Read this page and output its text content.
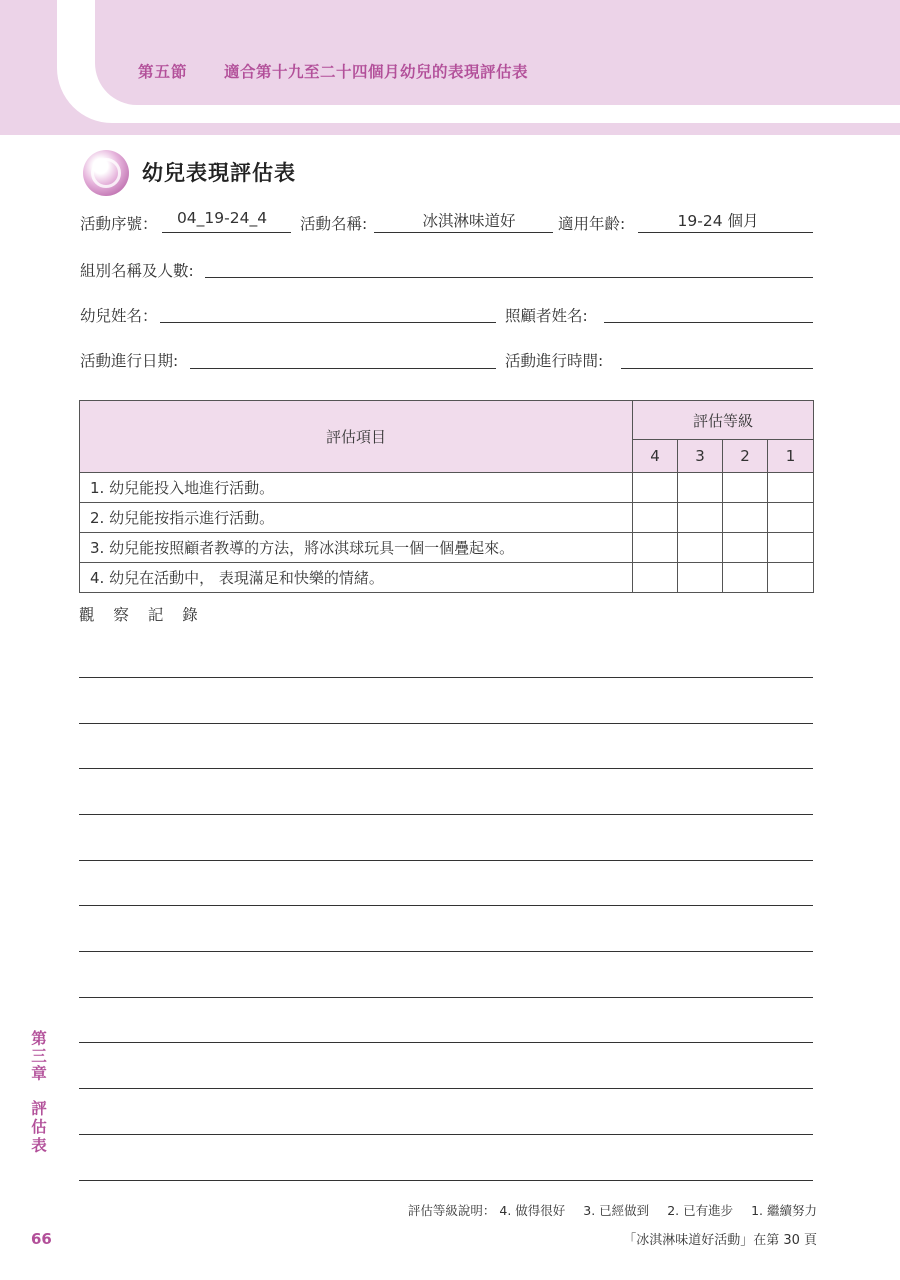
第五節 適合第十九至二十四個月幼兒的表現評估表
幼兒表現評估表
活動序號：	04_19-24_4	活動名稱:	冰淇淋味道好	適用年齡:	19-24 個月
組別名稱及人數:
幼兒姓名：	照顧者姓名:
活動進行日期:	活動進行時間:
評估項目	評估等級			
	4	3	2	1
1. 幼兒能投入地進行活動。				
2. 幼兒能按指示進行活動。				
3. 幼兒能按照顧者教導的方法，將冰淇球玩具一個一個疊起來。				
4. 幼兒在活動中， 表現滿足和快樂的情緒。				
觀 察 記 錄
第三章
評估表
評估等級說明： 4. 做得很好 3. 已經做到 2. 已有進步 1. 繼續努力
66	「冰淇淋味道好活動」在第 30 頁
